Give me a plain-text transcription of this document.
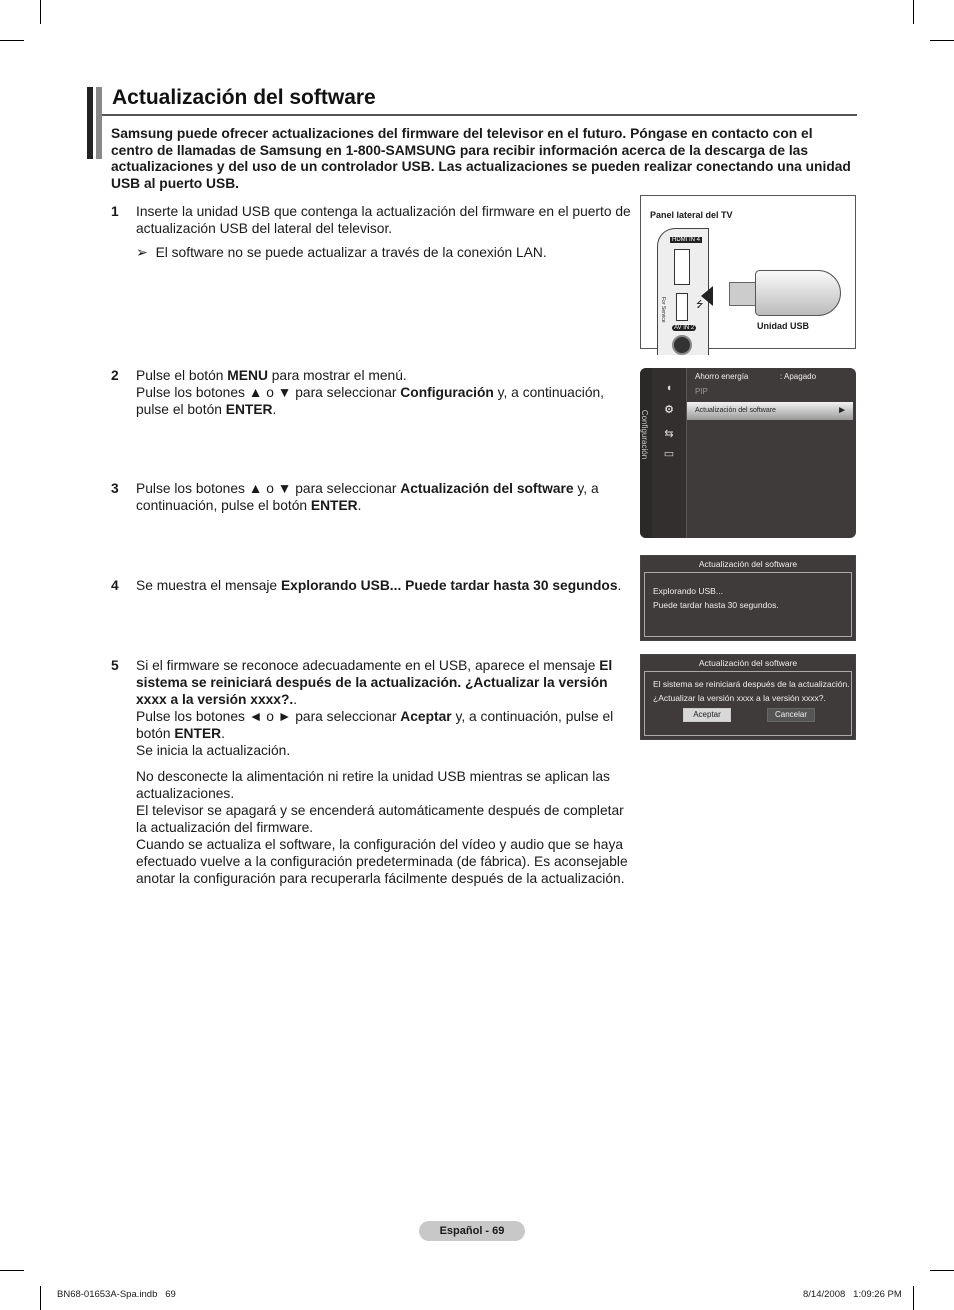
Actualización del software

Samsung puede ofrecer actualizaciones del firmware del televisor en el futuro. Póngase en contacto con el centro de llamadas de Samsung en 1-800-SAMSUNG para recibir información acerca de la descarga de las actualizaciones y del uso de un controlador USB. Las actualizaciones se pueden realizar conectando una unidad USB al puerto USB.

1 Inserte la unidad USB que contenga la actualización del firmware en el puerto de actualización USB del lateral del televisor.

➢ El software no se puede actualizar a través de la conexión LAN.
2 Pulse el botón MENU para mostrar el menú.

Pulse los botones ▲ o ▼ para seleccionar Configuración y, a continuación, pulse el botón ENTER.

3 Pulse los botones ▲ o ▼ para seleccionar Actualización del software y, a continuación, pulse el botón ENTER.

4 Se muestra el mensaje Explorando USB... Puede tardar hasta 30 segundos.

5 Si el firmware se reconoce adecuadamente en el USB, aparece el mensaje El sistema se reiniciará después de la actualización. ¿Actualizar la versión xxxx a la versión xxxx?..

Pulse los botones ◄ o ► para seleccionar Aceptar y, a continuación, pulse el botón ENTER.

Se inicia la actualización.

No desconecte la alimentación ni retire la unidad USB mientras se aplican las actualizaciones.
El televisor se apagará y se encenderá automáticamente después de completar la actualización del firmware.
Cuando se actualiza el software, la configuración del vídeo y audio que se haya efectuado vuelve a la configuración predeterminada (de fábrica). Es aconsejable anotar la configuración para recuperarla fácilmente después de la actualización.

Panel lateral del TV
HDMI IN 4
For Service	⭍
AV IN 2	Unidad USB
Configuración
◖
⚙
⇆
▭
Ahorro energía	: Apagado
PIP
Actualización del software	►
Actualización del software
Explorando USB...
Puede tardar hasta 30 segundos.
Actualización del software
El sistema se reiniciará después de la actualización.
¿Actualizar la versión xxxx a la versión xxxx?.
Aceptar	Cancelar
Español - 69
BN68-01653A-Spa.indb   69	8/14/2008   1:09:26 PM
